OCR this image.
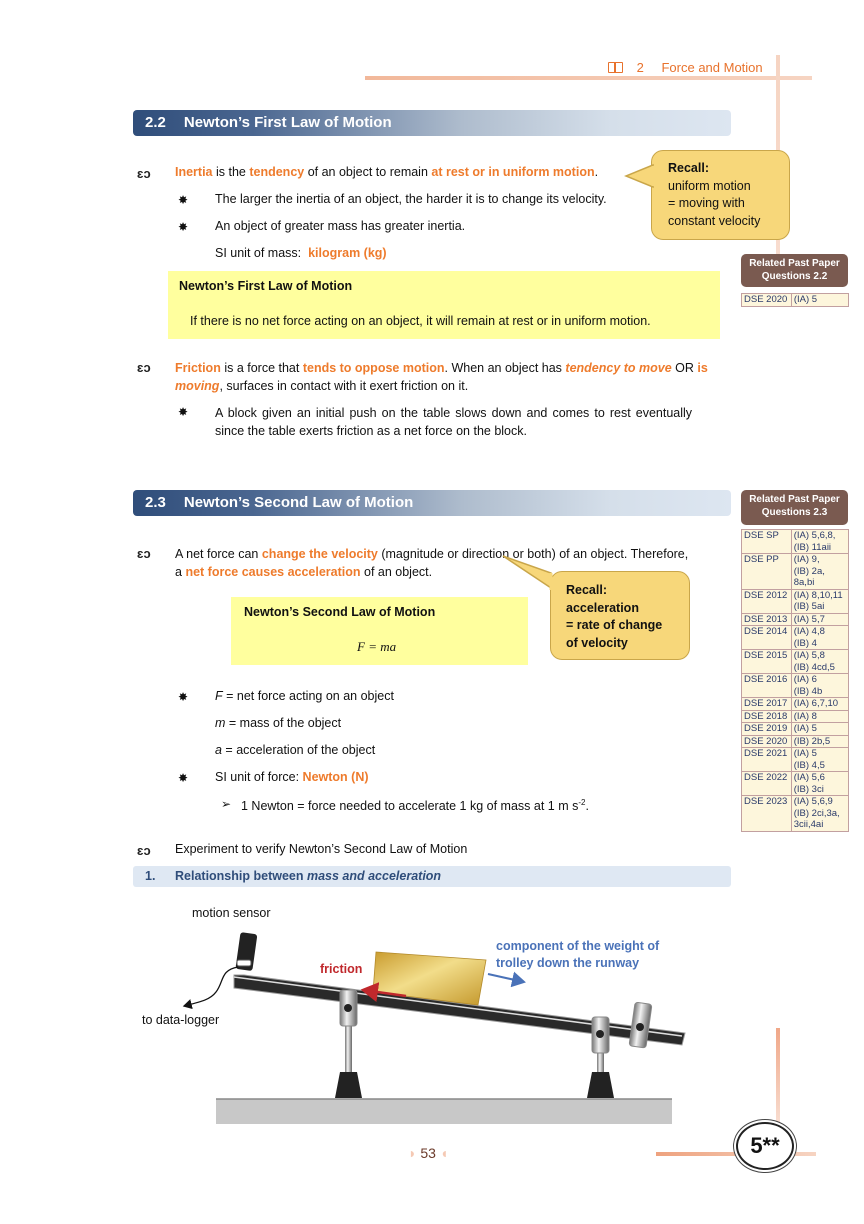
2 Force and Motion
2.2 Newton’s First Law of Motion
ɛɔ Inertia is the tendency of an object to remain at rest or in uniform motion.
✸ The larger the inertia of an object, the harder it is to change its velocity.
✸ An object of greater mass has greater inertia.
SI unit of mass: kilogram (kg)
Recall:
uniform motion
= moving with
constant velocity
Related Past Paper
Questions 2.2
DSE 2020	(IA) 5
Newton’s First Law of Motion
If there is no net force acting on an object, it will remain at rest or in uniform motion.
ɛɔ Friction is a force that tends to oppose motion. When an object has tendency to move OR is
moving, surfaces in contact with it exert friction on it.
✸ A block given an initial push on the table slows down and comes to rest eventually
since the table exerts friction as a net force on the block.
2.3 Newton’s Second Law of Motion	Related Past Paper
Questions 2.3
DSE SP	(IA) 5,6,8,
(IB) 11aii

DSE PP	(IA) 9,
(IB) 2a,
8a,bi

DSE 2012	(IA) 8,10,11
(IB) 5ai

DSE 2013	(IA) 5,7

DSE 2014	(IA) 4,8
(IB) 4

DSE 2015	(IA) 5,8
(IB) 4cd,5

DSE 2016	(IA) 6
(IB) 4b

DSE 2017	(IA) 6,7,10

DSE 2018	(IA) 8

DSE 2019	(IA) 5

DSE 2020	(IB) 2b,5

DSE 2021	(IA) 5
(IB) 4,5

DSE 2022	(IA) 5,6
(IB) 3ci

DSE 2023	(IA) 5,6,9
(IB) 2ci,3a,
3cii,4ai
ɛɔ A net force can change the velocity (magnitude or direction or both) of an object. Therefore,
a net force causes acceleration of an object.
Newton’s Second Law of Motion
F = ma
Recall:
acceleration
= rate of change
of velocity
✸ F = net force acting on an object
m = mass of the object
a = acceleration of the object
✸ SI unit of force: Newton (N)
➢ 1 Newton = force needed to accelerate 1 kg of mass at 1 m $s^{-2}$.
ɛɔ Experiment to verify Newton’s Second Law of Motion
1. Relationship between mass and acceleration
motion sensor
to data-logger
friction
component of the weight of
trolley down the runway
◗ 53 ◖	5**
